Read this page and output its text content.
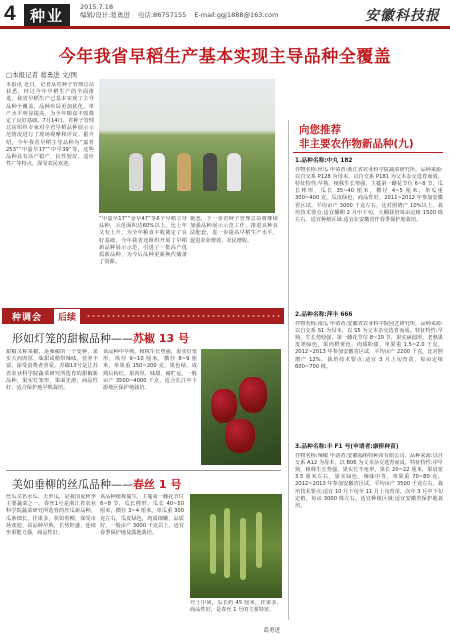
4 种业	2015.7.18
编辑/设计:葛勇进 电话:86757155 E-mail:ggj1888@163.com	安徽科技报
今年我省早稻生产基本实现主导品种全覆盖
□本报记者 葛勇进 文/图
本报讯 近日，记者从省种子管理总站获悉，经过今年早稻生产的全面推进，我省早稻生产已基本实现了主导品种全覆盖，品种布局更加优化，单产水平明显提高，为全年粮食丰收奠定了良好基础。7月14日，省种子管理总站组织专家对全省早稻品种展示示范情况进行了现场观摩和评议。据介绍，今年我省早稻主导品种为“嘉育253”“中嘉早17”“中早39”等，这些品种具有高产稳产、抗性较好、适应性广等特点，深受农民欢迎。
“中嘉早17”“金早47”等6个早稻主导品种，示范面积达60%以上。比上年又有上升，为全年粮食丰收奠定了良好基础。今年我省还组织开展了早稻新品种展示示范，引进了一批高产优质新品种，为今后品种更新换代储备了资源。
据悉，下一步省种子管理总站将继续加强品种展示示范工作，推进良种良法配套，进一步提高早稻生产水平，促进农业增效、农民增收。
向您推荐
非主要农作物新品种(九)
1.品种名称:中丸 182
作物名称:丝瓜 申请者:浙江省农业科学院蔬菜研究所。品种来源:以自交系 P128 为母本，以自交系 P181 为父本杂交选育而成。特征特性:早熟，植株生长势强，主蔓第一雌花节位 6~8 节，瓜长棒形，瓜长 35~40 厘米，横径 4~5 厘米，单瓜重 300~400 克，瓜皮绿色，商品性好。2011~2012 年参加安徽省区试，平均亩产 3000 千克左右，比对照增产 10%以上。栽培技术要点:适宜播期 2 月中下旬，大棚栽培每亩定植 1500 株左右。适宜种植区域:适宜在安徽省作春季保护地栽培。
2.品种名称:萍丰 666
作物名称:南瓜 申请者:安徽省农业科学院园艺研究所。品种来源:以自交系 S1 为母本，以 S5 为父本杂交选育而成。特征特性:早熟，生长势较强，第一雌花节位 8~10 节，果实扁圆形，老熟果皮墨绿色，果肉橙黄色，肉质粉甜，单果重 1.5~2.0 千克。2012~2013 年参加安徽省区试，平均亩产 2200 千克，比对照增产 12%。栽培技术要点:适宜 3 月上旬育苗，每亩定植 600~700 株。
3.品种名称:丰 F1 号(申请者:康桥种苗)
作物名称:辣椒 申请者:安徽福斯特种苗有限公司。品种来源:以自交系 A12 为母本，以 B06 为父本杂交选育而成。特征特性:中早熟，植株生长势强，果实长羊角形，果长 20~22 厘米，果肩宽 3.5 厘米左右，果实绿色，辣味中等，单果重 70~80 克。2012~2013 年参加安徽省区试，平均亩产 3500 千克左右。栽培技术要点:适宜 10 月下旬至 11 月上旬育苗，次年 3 月中下旬定植，每亩 3000 株左右。适宜种植区域:适宜安徽省保护地栽培。
种调会	后续
形如灯笼的甜椒品种——苏椒 13 号
甜椒又称菜椒，是辣椒的一个变种，果实大而肉厚，味甜或稍带辣味，营养丰富，深受消费者喜爱。苏椒13号是江苏省农业科学院蔬菜研究所选育的甜椒新品种，果实灯笼形，果面光滑，商品性好，适合保护地早熟栽培。
该品种中早熟，植株生长势强，果实灯笼形，纵径 9~10 厘米，横径 8~9 厘米，单果重 150~200 克，果色绿，成熟后转红，果肉厚，味甜，耐贮运。一般亩产 3500~4000 千克，适合长江中下游地区保护地栽培。
美如垂柳的丝瓜品种——春丝 1 号
丝瓜又名水瓜、天罗瓜，是我国夏秋季主要蔬菜之一。春丝1号是浙江省农业科学院蔬菜研究所选育的丝瓜新品种，瓜条细长，挂果多，状如垂柳，深受市场欢迎。该品种早熟，长势旺盛，连续坐果能力强，商品性好。
该品种植株蔓生，主蔓第一雌花节位 6~8 节，瓜长棒形，瓜长 40~50 厘米，横径 3~4 厘米，单瓜重 300 克左右，瓜皮绿色，肉质细嫩，品质好。一般亩产 3000 千克以上，适宜春季保护地及露地栽培。
丹土中间，瓜长约 45 厘米，挂果多，商品性好，是春丝 1 号的主要特征。
葛勇进
